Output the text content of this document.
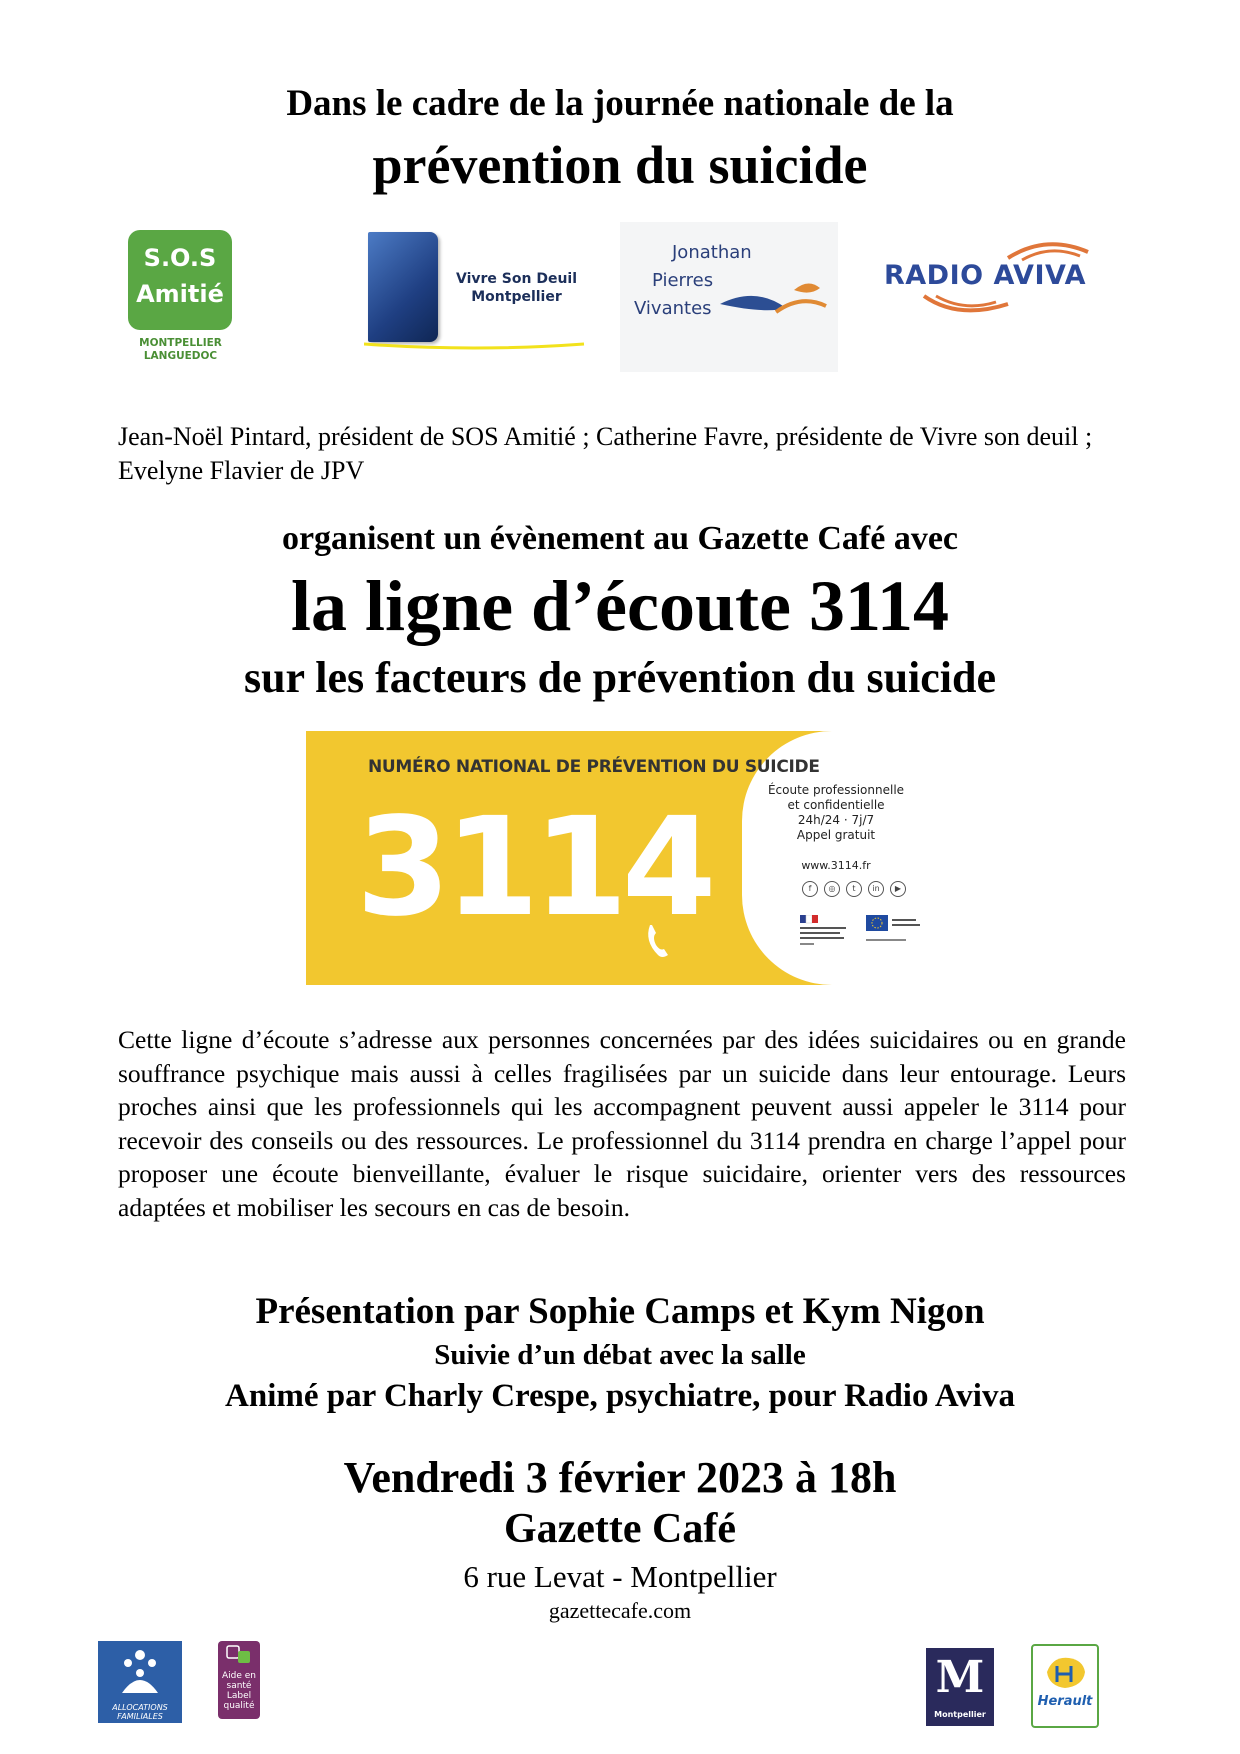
Dans le cadre de la journée nationale de la
prévention du suicide
S.O.S
Amitié
MONTPELLIER
LANGUEDOC
Vivre Son Deuil
Montpellier
Jonathan
Pierres
Vivantes
RADIO AVIVA
Jean-Noël Pintard, président de SOS Amitié ; Catherine Favre, présidente de Vivre son deuil ; Evelyne Flavier de JPV
organisent un évènement au Gazette Café avec
la ligne d’écoute 3114
sur les facteurs de prévention du suicide
NUMÉRO NATIONAL DE PRÉVENTION DU SUICIDE
3114	Écoute professionnelle
et confidentielle
24h/24 · 7j/7
Appel gratuit
www.3114.fr
f	◎	t	in	▶
Cette ligne d’écoute s’adresse aux personnes concernées par des idées suicidaires ou en grande souffrance psychique mais aussi à celles fragilisées par un suicide dans leur entourage. Leurs proches ainsi que les professionnels qui les accompagnent peuvent aussi appeler le 3114 pour recevoir des conseils ou des ressources. Le professionnel du 3114 prendra en charge l’appel pour proposer une écoute bienveillante, évaluer le risque suicidaire, orienter vers des ressources adaptées et mobiliser les secours en cas de besoin.
Présentation par Sophie Camps et Kym Nigon
Suivie d’un débat avec la salle
Animé par Charly Crespe, psychiatre, pour Radio Aviva
Vendredi 3 février 2023 à 18h
Gazette Café
6 rue Levat - Montpellier
gazettecafe.com
ALLOCATIONS
FAMILIALES
Aide en
santé
Label
qualité
M
Montpellier
Herault
